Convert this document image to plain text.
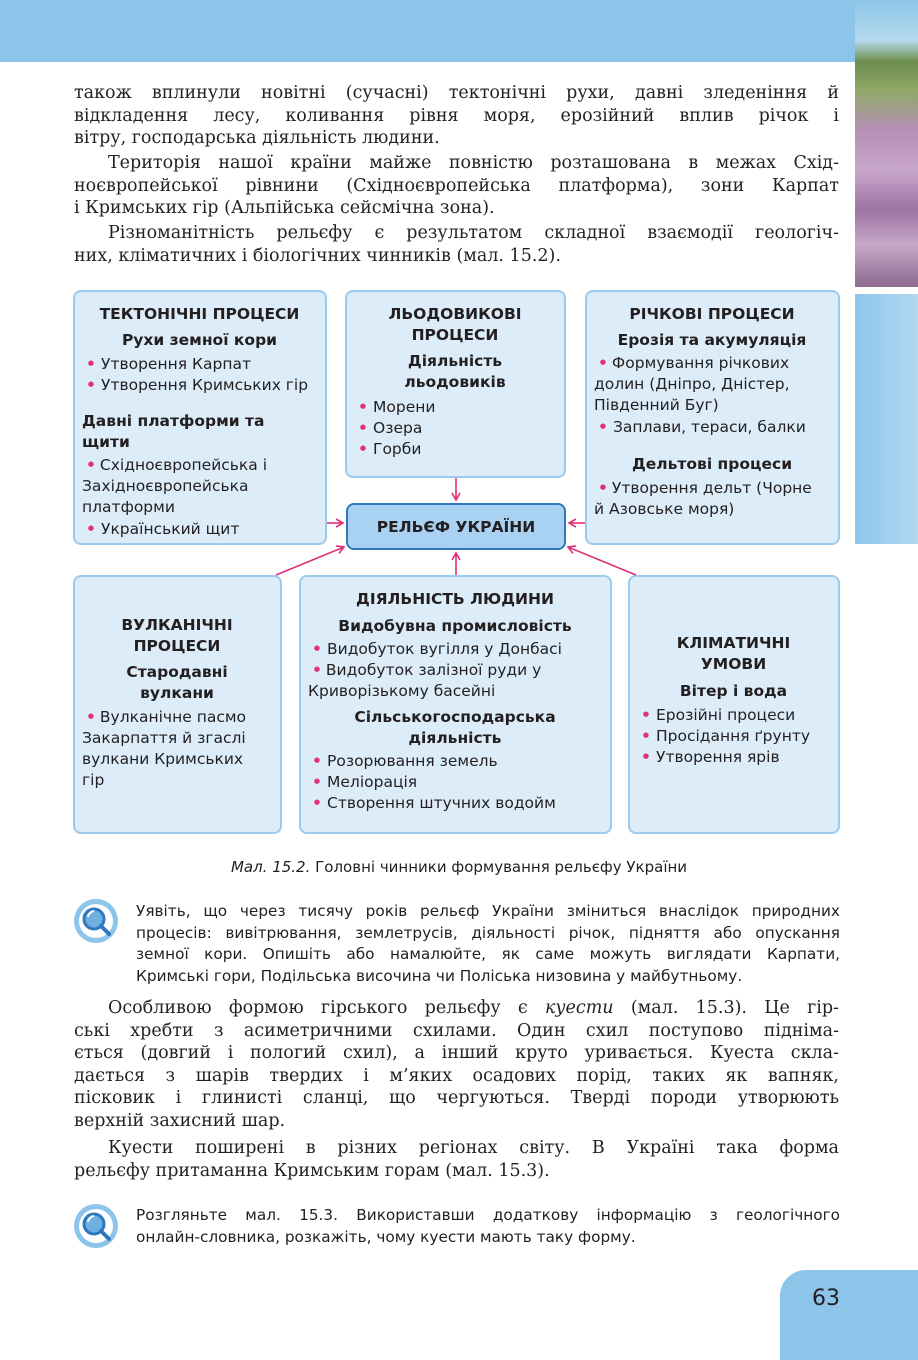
також вплинули новітні (сучасні) тектонічні рухи, давні зледеніння й
відкладення лесу, коливання рівня моря, ерозійний вплив річок і
вітру, господарська діяльність людини.
Територія нашої країни майже повністю розташована в межах Схід-
ноєвропейської рівнини (Східноєвропейська платформа), зони Карпат
і Кримських гір (Альпійська сейсмічна зона).
Різноманітність рельєфу є результатом складної взаємодії геологіч-
них, кліматичних і біологічних чинників (мал. 15.2).
ТЕКТОНІЧНІ ПРОЦЕСИ
Рухи земної кори
• Утворення Карпат
• Утворення Кримських гір
Давні платформи та щити
• Східноєвропейська і
Західноєвропейська
платформи
• Український щит
ЛЬОДОВИКОВІ
ПРОЦЕСИ
Діяльність
льодовиків
• Морени
• Озера
• Горби
РІЧКОВІ ПРОЦЕСИ
Ерозія та акумуляція
• Формування річкових
долин (Дніпро, Дністер,
Південний Буг)
• Заплави, тераси, балки
Дельтові процеси
• Утворення дельт (Чорне
й Азовське моря)
РЕЛЬЄФ УКРАЇНИ
ВУЛКАНІЧНІ
ПРОЦЕСИ
Стародавні
вулкани
• Вулканічне пасмо
Закарпаття й згаслі
вулкани Кримських
гір
ДІЯЛЬНІСТЬ ЛЮДИНИ
Видобувна промисловість
• Видобуток вугілля у Донбасі
• Видобуток залізної руди у
Криворізькому басейні
Сільськогосподарська
діяльність
• Розорювання земель
• Меліорація
• Створення штучних водойм
КЛІМАТИЧНІ
УМОВИ
Вітер і вода
• Ерозійні процеси
• Просідання ґрунту
• Утворення ярів
Мал. 15.2. Головні чинники формування рельєфу України
Уявіть, що через тисячу років рельєф України зміниться внаслідок природних
процесів: вивітрювання, землетрусів, діяльності річок, підняття або опускання
земної кори. Опишіть або намалюйте, як саме можуть виглядати Карпати,
Кримські гори, Подільська височина чи Поліська низовина у майбутньому.
Особливою формою гірського рельєфу є куести (мал. 15.3). Це гір-
ські хребти з асиметричними схилами. Один схил поступово підніма-
ється (довгий і пологий схил), а інший круто уривається. Куеста скла-
дається з шарів твердих і м’яких осадових порід, таких як вапняк,
пісковик і глинисті сланці, що чергуються. Тверді породи утворюють
верхній захисний шар.
Куести поширені в різних регіонах світу. В Україні така форма
рельєфу притаманна Кримським горам (мал. 15.3).
Розгляньте мал. 15.3. Використавши додаткову інформацію з геологічного
онлайн-словника, розкажіть, чому куести мають таку форму.
63
